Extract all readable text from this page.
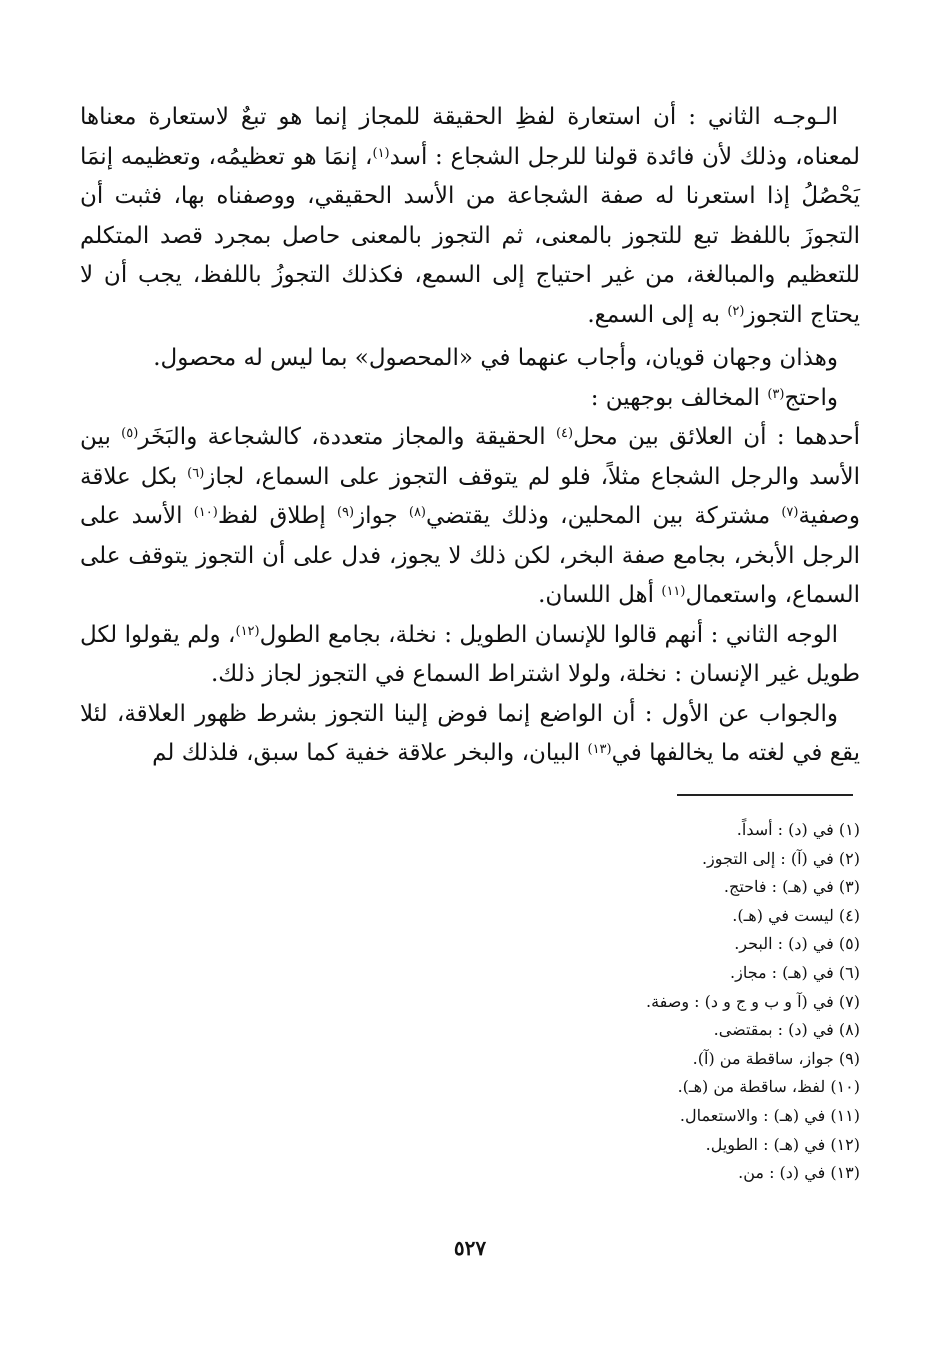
الـوجـه الثاني : أن استعارة لفظِ الحقيقة للمجاز إنما هو تبعٌ لاستعارة معناها لمعناه، وذلك لأن فائدة قولنا للرجل الشجاع : أسد$^{(١)}$، إنمَا هو تعظيمُه، وتعظيمه إنمَا يَحْصُلُ إذا استعرنا له صفة الشجاعة من الأسد الحقيقي، ووصفناه بها، فثبت أن التجوزَ باللفظ تبع للتجوز بالمعنى، ثم التجوز بالمعنى حاصل بمجرد قصد المتكلم للتعظيم والمبالغة، من غير احتياج إلى السمع، فكذلك التجوزُ باللفظ، يجب أن لا يحتاج التجوز$^{(٢)}$ به إلى السمع.

وهذان وجهان قويان، وأجاب عنهما في «المحصول» بما ليس له محصول.

واحتج$^{(٣)}$ المخالف بوجهين :

أحدهما : أن العلائق بين محل$^{(٤)}$ الحقيقة والمجاز متعددة، كالشجاعة والبَخَر$^{(٥)}$ بين الأسد والرجل الشجاع مثلاً، فلو لم يتوقف التجوز على السماع، لجاز$^{(٦)}$ بكل علاقة وصفية$^{(٧)}$ مشتركة بين المحلين، وذلك يقتضي$^{(٨)}$ جواز$^{(٩)}$ إطلاق لفظ$^{(١٠)}$ الأسد على الرجل الأبخر، بجامع صفة البخر، لكن ذلك لا يجوز، فدل على أن التجوز يتوقف على السماع، واستعمال$^{(١١)}$ أهل اللسان.

الوجه الثاني : أنهم قالوا للإنسان الطويل : نخلة، بجامع الطول$^{(١٢)}$، ولم يقولوا لكل طويل غير الإنسان : نخلة، ولولا اشتراط السماع في التجوز لجاز ذلك.

والجواب عن الأول : أن الواضع إنما فوض إلينا التجوز بشرط ظهور العلاقة، لئلا يقع في لغته ما يخالفها في$^{(١٣)}$ البيان، والبخر علاقة خفية كما سبق، فلذلك لم

(١) في (د) : أسداً.
(٢) في (آ) : إلى التجوز.
(٣) في (هـ) : فاحتج.
(٤) ليست في (هـ).
(٥) في (د) : البحر.
(٦) في (هـ) : مجاز.
(٧) في (آ و ب و ج و د) : وصفة.
(٨) في (د) : بمقتضى.
(٩) جواز، ساقطة من (آ).
(١٠) لفظ، ساقطة من (هـ).
(١١) في (هـ) : والاستعمال.
(١٢) في (هـ) : الطويل.
(١٣) في (د) : من.
٥٢٧
